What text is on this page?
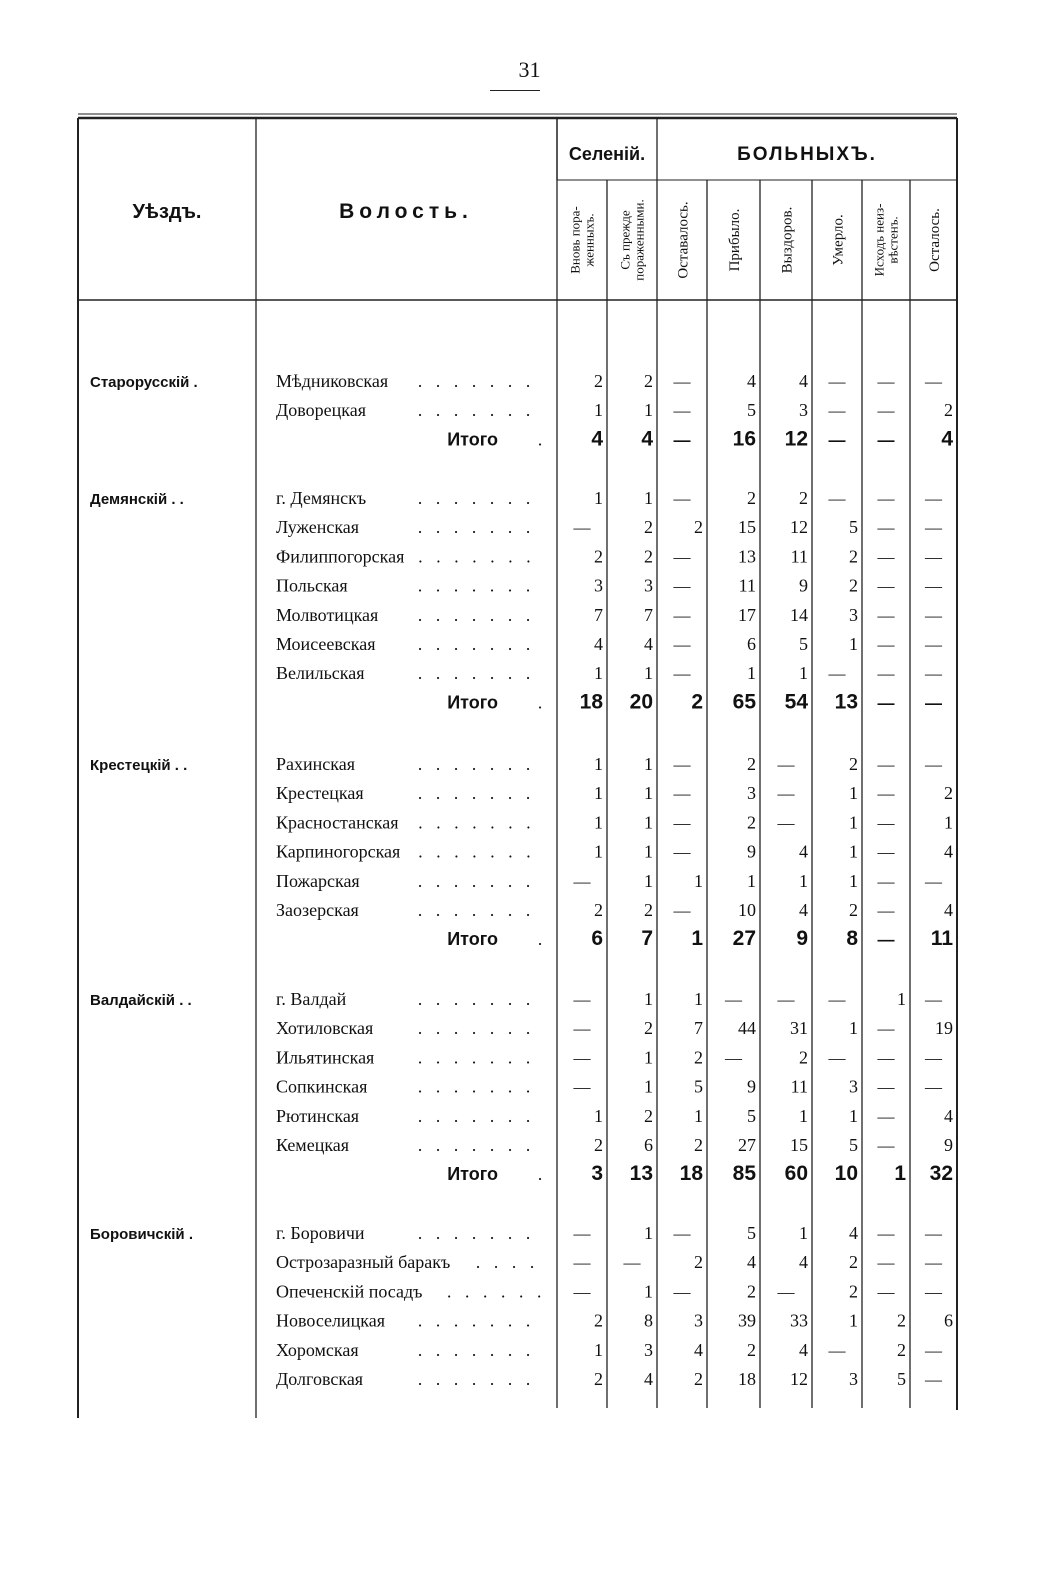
31
Уѣздъ.	Волость.
Селеній.	БОЛЬНЫХЪ.
Вновь пора- женныхъ. Съ прежде пораженными. Оставалось. Прибыло. Выздоров. Умерло. Исходъ неиз- вѣстенъ. Осталось.
Старорусскій .	Мѣдниковская . . . . . . .	2 2 —	4 4 — — —
Доворецкая	. . . . . . .	1 1 —	5 3 — —	2
Итого . 4 4 — 16 12 — — 4
Демянскій . .	г. Демянскъ	. . . . . . .	1 1 —	2 2 — — —
Луженская	. . . . . . .	—	2 2 15 12 5 — —
Филиппогорская . . . . . . .	2 2 —	13 11 2 — —
Польская	. . . . . . .	3 3 —	11 9 2 — —
Молвотицкая . . . . . . .	7 7 —	17 14 3 — —
Моисеевская	. . . . . . .	4 4 —	6 5 1 — —
Велильская	. . . . . . .	1 1 —	1 1 — — —
Итого . 18 20 2 65 54 13 — —
Крестецкій . .	Рахинская	. . . . . . .	1 1 —	2 —	2 — —
Крестецкая	. . . . . . .	1 1 —	3 —	1 —	2
Красностанская . . . . . . .	1 1 —	2 —	1 —	1
Карпиногорская . . . . . . .	1 1 —	9 4 1 —	4
Пожарская	. . . . . . .	—	1 1 1 1 1 — —
Заозерская	. . . . . . .	2 2 —	10 4 2 —	4
Итого . 6 7 1 27 9 8 — 11
Валдайскій . .	г. Валдай	. . . . . . .	—	1 1 — — —	1 —
Хотиловская	. . . . . . .	—	2 7 44 31 1 — 19
Ильятинская	. . . . . . .	—	1 2 —	2 — — —
Сопкинская	. . . . . . .	—	1 5 9 11 3 — —
Рютинская	. . . . . . .	1 2 1 5 1 1 —	4
Кемецкая	. . . . . . .	2 6 2 27 15 5 —	9
Итого . 3 13 18 85 60 10 1 32
Боровичскій .	г. Боровичи	. . . . . . .	—	1 —	5 1 4 — —
Острозаразный баракъ . . . . — —	2 4 4 2 — —
Опеченскій посадъ . . . . . . —	1 —	2 —	2 — —
Новоселицкая . . . . . . .	2 8 3 39 33 1 2 6
Хоромская	. . . . . . .	1 3 4 2 4 —	2 —
Долговская	. . . . . . .	2 4 2 18 12 3 5 —
